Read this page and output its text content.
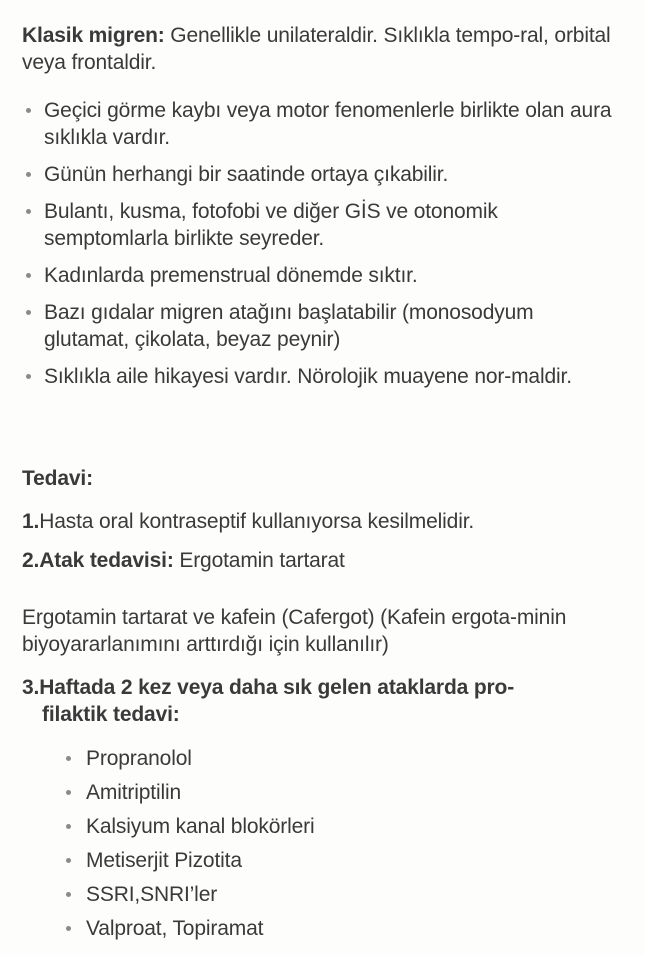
Klasik migren: Genellikle unilateraldir. Sıklıkla tempo-ral, orbital veya frontaldir.

Geçici görme kaybı veya motor fenomenlerle birlikte olan aura sıklıkla vardır.
Günün herhangi bir saatinde ortaya çıkabilir.
Bulantı, kusma, fotofobi ve diğer GİS ve otonomik semptomlarla birlikte seyreder.
Kadınlarda premenstrual dönemde sıktır.
Bazı gıdalar migren atağını başlatabilir (monosodyum glutamat, çikolata, beyaz peynir)
Sıklıkla aile hikayesi vardır. Nörolojik muayene nor-maldir.
Tedavi:
1.Hasta oral kontraseptif kullanıyorsa kesilmelidir.
2.Atak tedavisi: Ergotamin tartarat

Ergotamin tartarat ve kafein (Cafergot) (Kafein ergota-minin biyoyararlanımını arttırdığı için kullanılır)

3.Haftada 2 kez veya daha sık gelen ataklarda pro-
filaktik tedavi:
Propranolol
Amitriptilin
Kalsiyum kanal blokörleri
Metiserjit Pizotita
SSRI,SNRI’ler
Valproat, Topiramat
